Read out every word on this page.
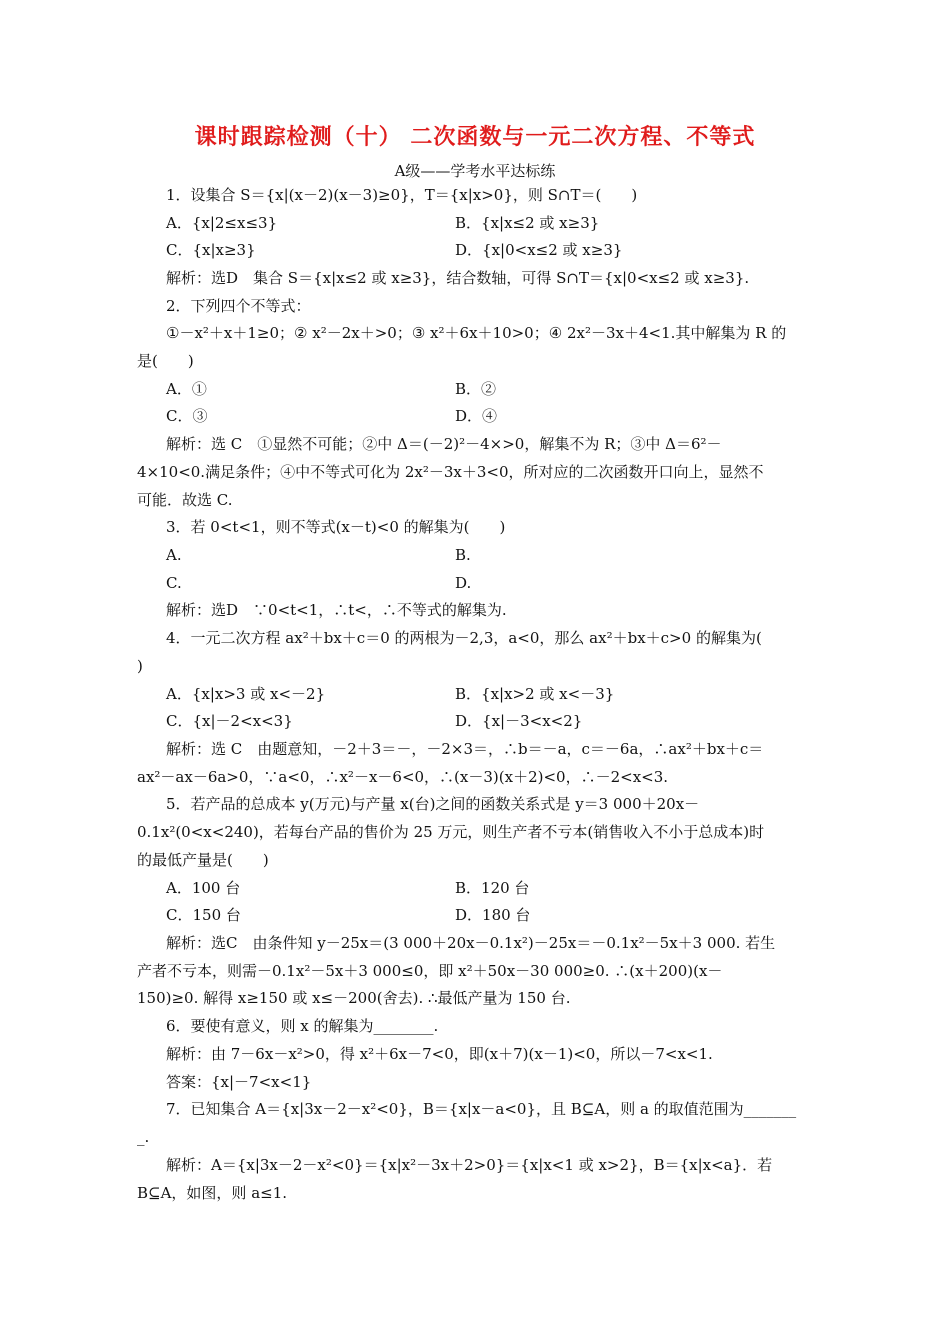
课时跟踪检测（十） 二次函数与一元二次方程、不等式
A级——学考水平达标练
1．设集合 S＝{x|(x－2)(x－3)≥0}，T＝{x|x>0}，则 S∩T＝(　　)
A．{x|2≤x≤3}	B．{x|x≤2 或 x≥3}
C．{x|x≥3}	D．{x|0<x≤2 或 x≥3}
解析：选D　集合 S＝{x|x≤2 或 x≥3}，结合数轴，可得 S∩T＝{x|0<x≤2 或 x≥3}.
2．下列四个不等式：
①－x²＋x＋1≥0；② x²－2x＋>0；③ x²＋6x＋10>0；④ 2x²－3x＋4<1.其中解集为 R 的
是(　　)
A．①	B．②
C．③	D．④
解析：选 C　①显然不可能；②中 Δ＝(－2)²－4×>0，解集不为 R；③中 Δ＝6²－
4×10<0.满足条件；④中不等式可化为 2x²－3x＋3<0，所对应的二次函数开口向上，显然不
可能．故选 C.
3．若 0<t<1，则不等式(x－t)<0 的解集为(　　)
A.	B.
C.	D.
解析：选D　∵0<t<1，∴t<，∴不等式的解集为.
4．一元二次方程 ax²＋bx＋c＝0 的两根为－2,3，a<0，那么 ax²＋bx＋c>0 的解集为(
)
A．{x|x>3 或 x<－2}	B．{x|x>2 或 x<－3}
C．{x|－2<x<3}	D．{x|－3<x<2}
解析：选 C　由题意知，－2＋3＝－，－2×3＝，∴b＝－a，c＝－6a，∴ax²＋bx＋c＝
ax²－ax－6a>0，∵a<0，∴x²－x－6<0，∴(x－3)(x＋2)<0，∴－2<x<3.
5．若产品的总成本 y(万元)与产量 x(台)之间的函数关系式是 y＝3 000＋20x－
0.1x²(0<x<240)，若每台产品的售价为 25 万元，则生产者不亏本(销售收入不小于总成本)时
的最低产量是(　　)
A．100 台	B．120 台
C．150 台	D．180 台
解析：选C　由条件知 y－25x＝(3 000＋20x－0.1x²)－25x＝－0.1x²－5x＋3 000. 若生
产者不亏本，则需－0.1x²－5x＋3 000≤0，即 x²＋50x－30 000≥0. ∴(x＋200)(x－
150)≥0. 解得 x≥150 或 x≤－200(舍去). ∴最低产量为 150 台.
6．要使有意义，则 x 的解集为________.
解析：由 7－6x－x²>0，得 x²＋6x－7<0，即(x＋7)(x－1)<0，所以－7<x<1.
答案：{x|－7<x<1}
7．已知集合 A＝{x|3x－2－x²<0}，B＝{x|x－a<0}，且 B⊆A，则 a 的取值范围为_______
_.
解析：A＝{x|3x－2－x²<0}＝{x|x²－3x＋2>0}＝{x|x<1 或 x>2}，B＝{x|x<a}．若
B⊆A，如图，则 a≤1.
